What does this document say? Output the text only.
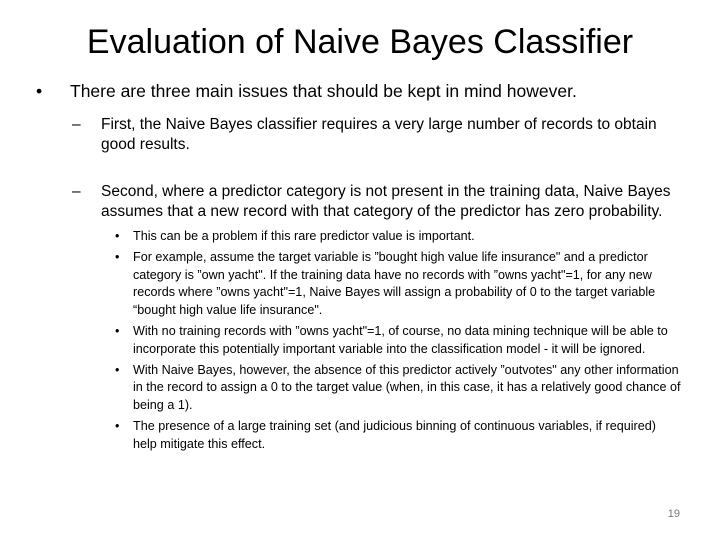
Evaluation of Naive Bayes Classifier

• There are three main issues that should be kept in mind however.

– First, the Naive Bayes classifier requires a very large number of records to obtain good results.

– Second, where a predictor category is not present in the training data, Naive Bayes assumes that a new record with that category of the predictor has zero probability.

• This can be a problem if this rare predictor value is important.

• For example, assume the target variable is ”bought high value life insurance" and a predictor category is ”own yacht". If the training data have no records with ”owns yacht"=1, for any new records where ”owns yacht"=1, Naive Bayes will assign a probability of 0 to the target variable “bought high value life insurance".

• With no training records with ”owns yacht"=1, of course, no data mining technique will be able to incorporate this potentially important variable into the classification model - it will be ignored.

• With Naive Bayes, however, the absence of this predictor actively ”outvotes" any other information in the record to assign a 0 to the target value (when, in this case, it has a relatively good chance of being a 1).

• The presence of a large training set (and judicious binning of continuous variables, if required) help mitigate this effect.

19
